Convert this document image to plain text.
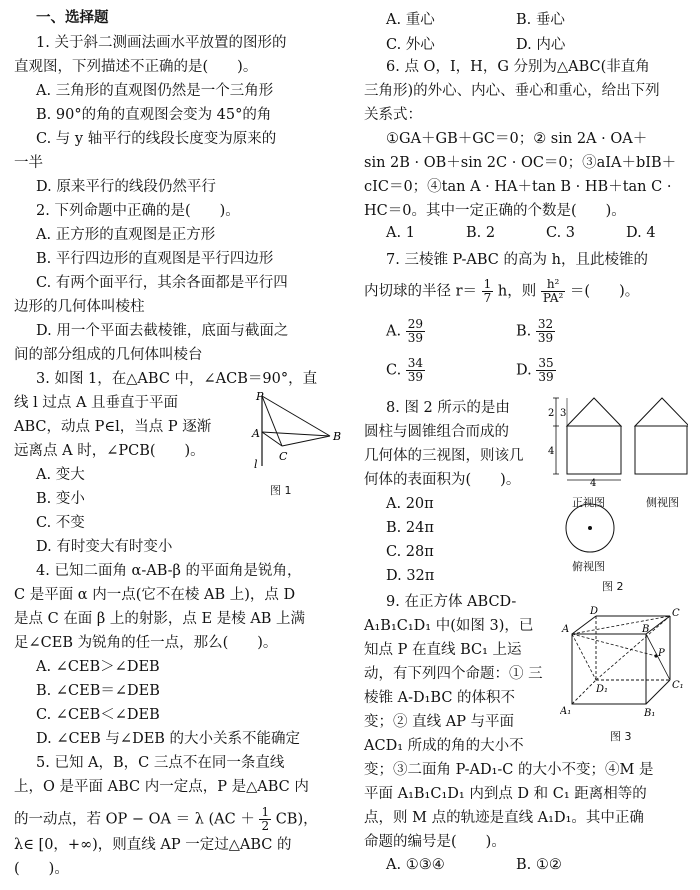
一、选择题
1. 关于斜二测画法画水平放置的图形的
直观图，下列描述不正确的是(　　)。
A. 三角形的直观图仍然是一个三角形
B. 90°的角的直观图会变为 45°的角
C. 与 y 轴平行的线段长度变为原来的
一半
D. 原来平行的线段仍然平行
2. 下列命题中正确的是(　　)。
A. 正方形的直观图是正方形
B. 平行四边形的直观图是平行四边形
C. 有两个面平行，其余各面都是平行四
边形的几何体叫棱柱
D. 用一个平面去截棱锥，底面与截面之
间的部分组成的几何体叫棱台
3. 如图 1，在△ABC 中，∠ACB＝90°，直
线 l 过点 A 且垂直于平面
ABC，动点 P∈l，当点 P 逐渐
远离点 A 时，∠PCB(　　)。
A. 变大
B. 变小
C. 不变
D. 有时变大有时变小
P
A	B
C
l
图 1
4. 已知二面角 α-AB-β 的平面角是锐角，
C 是平面 α 内一点(它不在棱 AB 上)，点 D
是点 C 在面 β 上的射影，点 E 是棱 AB 上满
足∠CEB 为锐角的任一点，那么(　　)。
A. ∠CEB＞∠DEB
B. ∠CEB＝∠DEB
C. ∠CEB＜∠DEB
D. ∠CEB 与∠DEB 的大小关系不能确定
5. 已知 A，B，C 三点不在同一条直线
上，O 是平面 ABC 内一定点，P 是△ABC 内
的一动点，若 OP − OA ＝ λ $(AC + \frac{1}{2} CB)$，
λ∈ [0，+∞)，则直线 AP 一定过△ABC 的
(　　)。
A. 重心	B. 垂心
C. 外心	D. 内心
6. 点 O，I，H，G 分别为△ABC(非直角
三角形)的外心、内心、垂心和重心，给出下列
关系式：
①GA＋GB＋GC＝0；② sin 2A · OA＋
sin 2B · OB＋sin 2C · OC＝0；③aIA＋bIB＋
cIC＝0；④tan A · HA＋tan B · HB＋tan C ·
HC＝0。其中一定正确的个数是(　　)。
A. 1	B. 2	C. 3	D. 4
7. 三棱锥 P-ABC 的高为 h，且此棱锥的
内切球的半径 $r= \frac{1}{7}$ h，则 $\frac{\text{h²}}{\text{PA²}}$ ＝(　　)。
A. $\frac{29}{39}$	B. $\frac{32}{39}$
C. $\frac{34}{39}$	D. $\frac{35}{39}$
8. 图 2 所示的是由
圆柱与圆锥组合而成的
几何体的三视图，则该几
何体的表面积为(　　)。
A. 20π
B. 24π
C. 28π
D. 32π
2 3
4
4
正视图	侧视图
俯视图
图 2
9. 在正方体 ABCD-
A₁B₁C₁D₁ 中(如图 3)，已
知点 P 在直线 BC₁ 上运
动，有下列四个命题：① 三
棱锥 A-D₁BC 的体积不
变；② 直线 AP 与平面
ACD₁ 所成的角的大小不
变；③二面角 P-AD₁-C 的大小不变；④M 是
平面 A₁B₁C₁D₁ 内到点 D 和 C₁ 距离相等的
点，则 M 点的轨迹是直线 A₁D₁。其中正确
命题的编号是(　　)。
A. ①③④	B. ①②
D	C
A	B
D₁	C₁
A₁	B₁
P
图 3
